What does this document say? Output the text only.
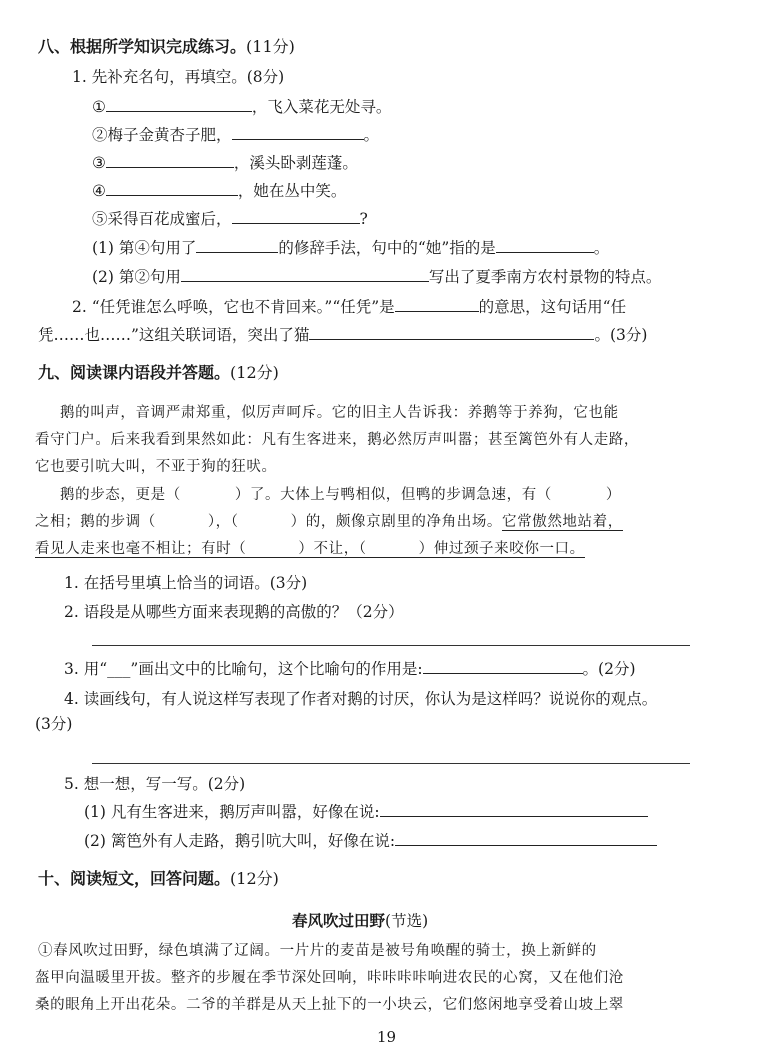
八、根据所学知识完成练习。(11分)
1. 先补充名句，再填空。(8分)
①	，飞入菜花无处寻。
②梅子金黄杏子肥，	。
③	，溪头卧剥莲蓬。
④	，她在丛中笑。
⑤采得百花成蜜后，	?
(1) 第④句用了	的修辞手法，句中的“她”指的是	。
(2) 第②句用	写出了夏季南方农村景物的特点。
2. “任凭谁怎么呼唤，它也不肯回来。”“任凭”是	的意思，这句话用“任
凭……也……”这组关联词语，突出了猫	。(3分)
九、阅读课内语段并答题。(12分)
鹅的叫声，音调严肃郑重，似厉声呵斥。它的旧主人告诉我：养鹅等于养狗，它也能
看守门户。后来我看到果然如此：凡有生客进来，鹅必然厉声叫嚣；甚至篱笆外有人走路，
它也要引吭大叫，不亚于狗的狂吠。
鹅的步态，更是（	）了。大体上与鸭相似，但鸭的步调急速，有（	）
之相；鹅的步调（	），（	）的，颇像京剧里的净角出场。它常傲然地站着，
看见人走来也毫不相让；有时（	）不让，（	）伸过颈子来咬你一口。
1. 在括号里填上恰当的词语。(3分)
2. 语段是从哪些方面来表现鹅的高傲的？（2分）
3. 用“___”画出文中的比喻句，这个比喻句的作用是:	。(2分)
4. 读画线句，有人说这样写表现了作者对鹅的讨厌，你认为是这样吗？说说你的观点。
(3分)
5. 想一想，写一写。(2分)
(1) 凡有生客进来，鹅厉声叫嚣，好像在说:
(2) 篱笆外有人走路，鹅引吭大叫，好像在说:
十、阅读短文，回答问题。(12分)
春风吹过田野(节选)
①春风吹过田野，绿色填满了辽阔。一片片的麦苗是被号角唤醒的骑士，换上新鲜的
盔甲向温暖里开拔。整齐的步履在季节深处回响，咔咔咔咔响进农民的心窝，又在他们沧
桑的眼角上开出花朵。二爷的羊群是从天上扯下的一小块云，它们悠闲地享受着山坡上翠
19
